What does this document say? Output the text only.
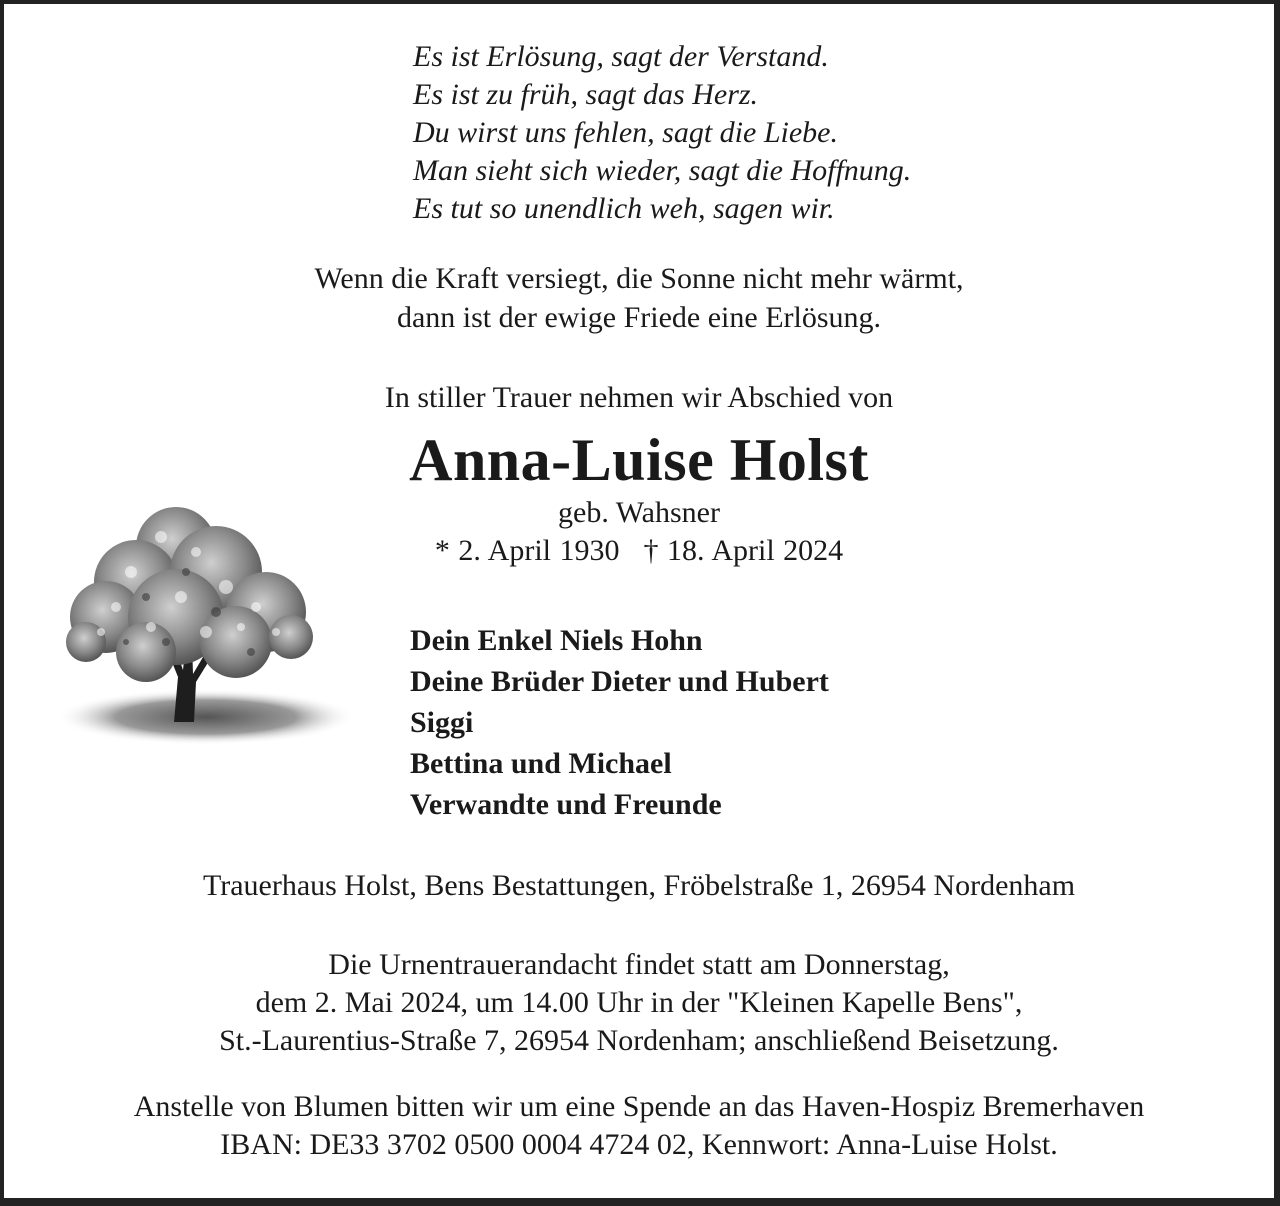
Es ist Erlösung, sagt der Verstand.
Es ist zu früh, sagt das Herz.
Du wirst uns fehlen, sagt die Liebe.
Man sieht sich wieder, sagt die Hoffnung.
Es tut so unendlich weh, sagen wir.
Wenn die Kraft versiegt, die Sonne nicht mehr wärmt,
dann ist der ewige Friede eine Erlösung.
In stiller Trauer nehmen wir Abschied von
Anna-Luise Holst
geb. Wahsner
* 2. April 1930 † 18. April 2024
Dein Enkel Niels Hohn
Deine Brüder Dieter und Hubert
Siggi
Bettina und Michael
Verwandte und Freunde
Trauerhaus Holst, Bens Bestattungen, Fröbelstraße 1, 26954 Nordenham
Die Urnentrauerandacht findet statt am Donnerstag,
dem 2. Mai 2024, um 14.00 Uhr in der "Kleinen Kapelle Bens",
St.-Laurentius-Straße 7, 26954 Nordenham; anschließend Beisetzung.
Anstelle von Blumen bitten wir um eine Spende an das Haven-Hospiz Bremerhaven
IBAN: DE33 3702 0500 0004 4724 02, Kennwort: Anna-Luise Holst.
